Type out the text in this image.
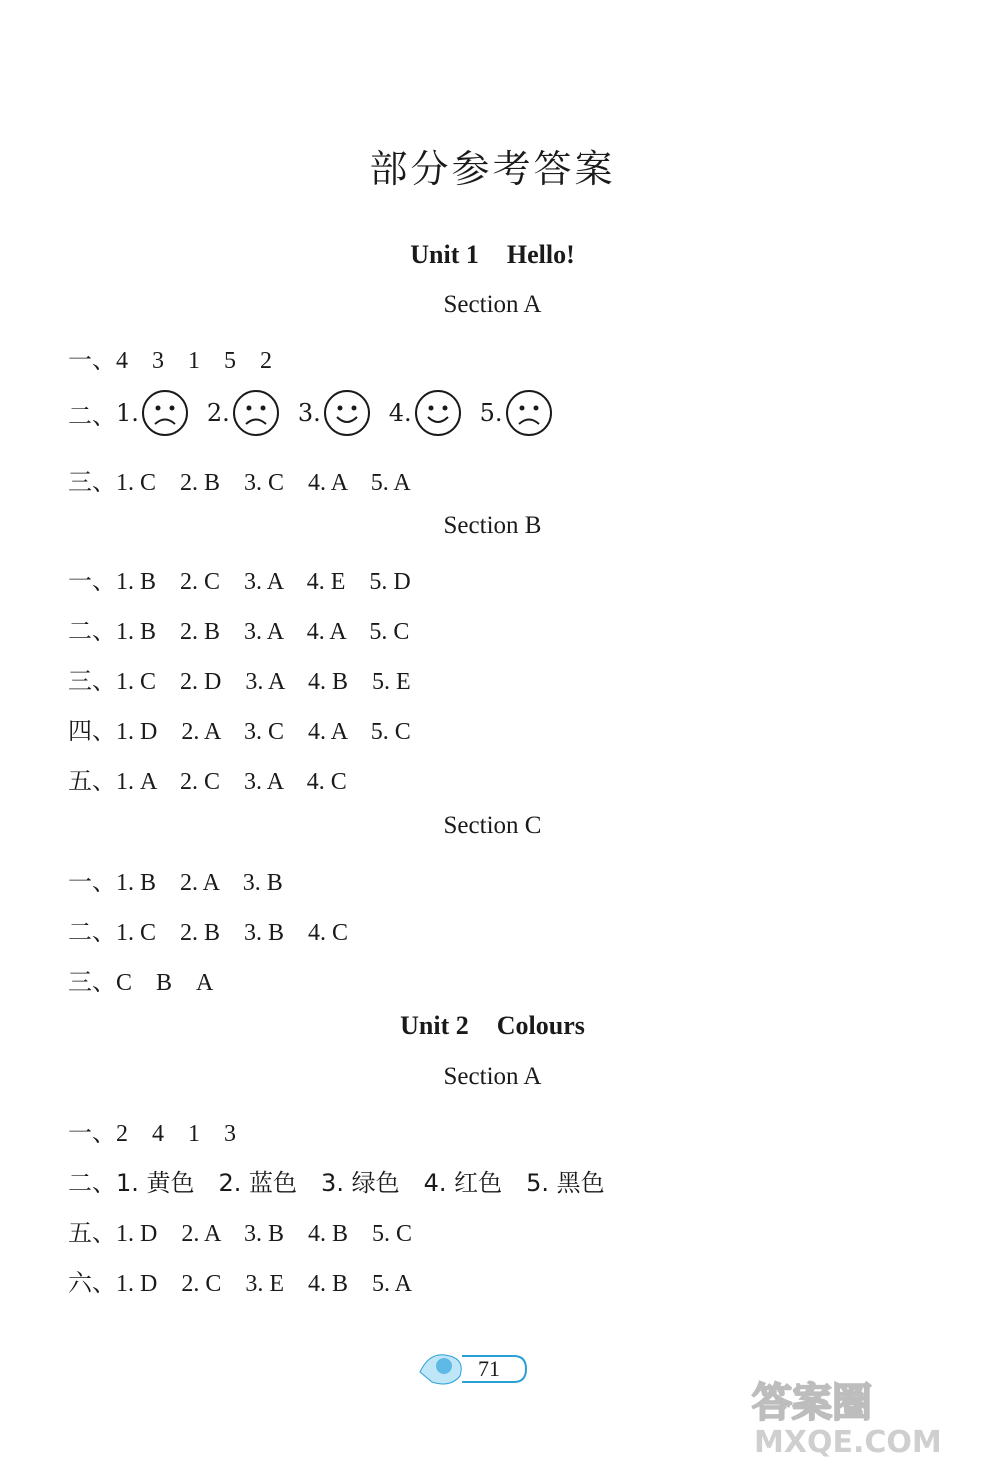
部分参考答案
Unit 1 Hello!
Section A
一、4　3　1　5　2
二、 1.	2.	3.	4.	5.
三、1. C　2. B　3. C　4. A　5. A
Section B
一、1. B　2. C　3. A　4. E　5. D
二、1. B　2. B　3. A　4. A　5. C
三、1. C　2. D　3. A　4. B　5. E
四、1. D　2. A　3. C　4. A　5. C
五、1. A　2. C　3. A　4. C
Section C
一、1. B　2. A　3. B
二、1. C　2. B　3. B　4. C
三、C　B　A
Unit 2 Colours
Section A
一、2　4　1　3
二、1. 黄色　2. 蓝色　3. 绿色　4. 红色　5. 黑色
五、1. D　2. A　3. B　4. B　5. C
六、1. D　2. C　3. E　4. B　5. A
71
答案圈
MXQE.COM
